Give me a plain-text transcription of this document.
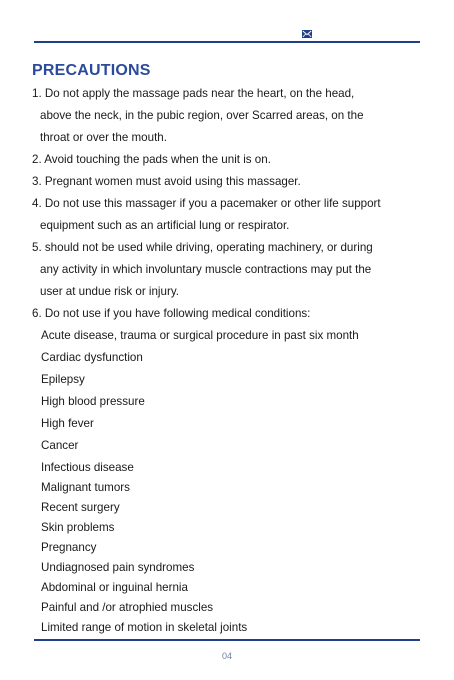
PRECAUTIONS
1. Do not apply the massage pads near the heart, on the head,
above the neck, in the pubic region, over Scarred areas, on the
throat or over the mouth.
2. Avoid touching the pads when the unit is on.
3. Pregnant women must avoid using this massager.
4. Do not use this massager if you a pacemaker or other life support
equipment such as an artificial lung or respirator.
5. should not be used while driving, operating machinery, or during
any activity in which involuntary muscle contractions may put the
user at undue risk or injury.
6. Do not use if you have following medical conditions:
Acute disease, trauma or surgical procedure in past six month
Cardiac dysfunction
Epilepsy
High blood pressure
High fever
Cancer
Infectious disease
Malignant tumors
Recent surgery
Skin problems
Pregnancy
Undiagnosed pain syndromes
Abdominal or inguinal hernia
Painful and /or atrophied muscles
Limited range of motion in skeletal joints
04
